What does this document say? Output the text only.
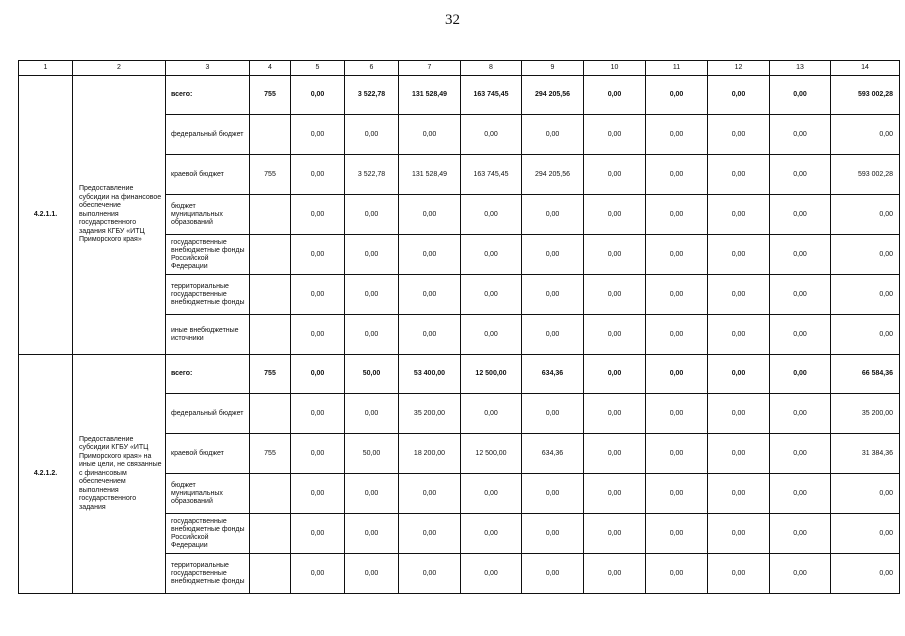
32
1	2	3	4	5	6	7	8	9	10	11	12	13	14
4.2.1.1.	Предоставление субсидии на финансовое обеспечение выполнения государственного задания КГБУ «ИТЦ Приморского края»	всего:	755	0,00	3 522,78	131 528,49	163 745,45	294 205,56	0,00	0,00	0,00	0,00	593 002,28
		федеральный бюджет		0,00	0,00	0,00	0,00	0,00	0,00	0,00	0,00	0,00	0,00
		краевой бюджет	755	0,00	3 522,78	131 528,49	163 745,45	294 205,56	0,00	0,00	0,00	0,00	593 002,28
		бюджет муниципальных образований		0,00	0,00	0,00	0,00	0,00	0,00	0,00	0,00	0,00	0,00
		государственные внебюджетные фонды Российской Федерации		0,00	0,00	0,00	0,00	0,00	0,00	0,00	0,00	0,00	0,00
		территориальные государственные внебюджетные фонды		0,00	0,00	0,00	0,00	0,00	0,00	0,00	0,00	0,00	0,00
		иные внебюджетные источники		0,00	0,00	0,00	0,00	0,00	0,00	0,00	0,00	0,00	0,00
4.2.1.2.	Предоставление субсидии КГБУ «ИТЦ Приморского края» на иные цели, не связанные с финансовым обеспечением выполнения государственного задания	всего:	755	0,00	50,00	53 400,00	12 500,00	634,36	0,00	0,00	0,00	0,00	66 584,36
		федеральный бюджет		0,00	0,00	35 200,00	0,00	0,00	0,00	0,00	0,00	0,00	35 200,00
		краевой бюджет	755	0,00	50,00	18 200,00	12 500,00	634,36	0,00	0,00	0,00	0,00	31 384,36
		бюджет муниципальных образований		0,00	0,00	0,00	0,00	0,00	0,00	0,00	0,00	0,00	0,00
		государственные внебюджетные фонды Российской Федерации		0,00	0,00	0,00	0,00	0,00	0,00	0,00	0,00	0,00	0,00
		территориальные государственные внебюджетные фонды		0,00	0,00	0,00	0,00	0,00	0,00	0,00	0,00	0,00	0,00
